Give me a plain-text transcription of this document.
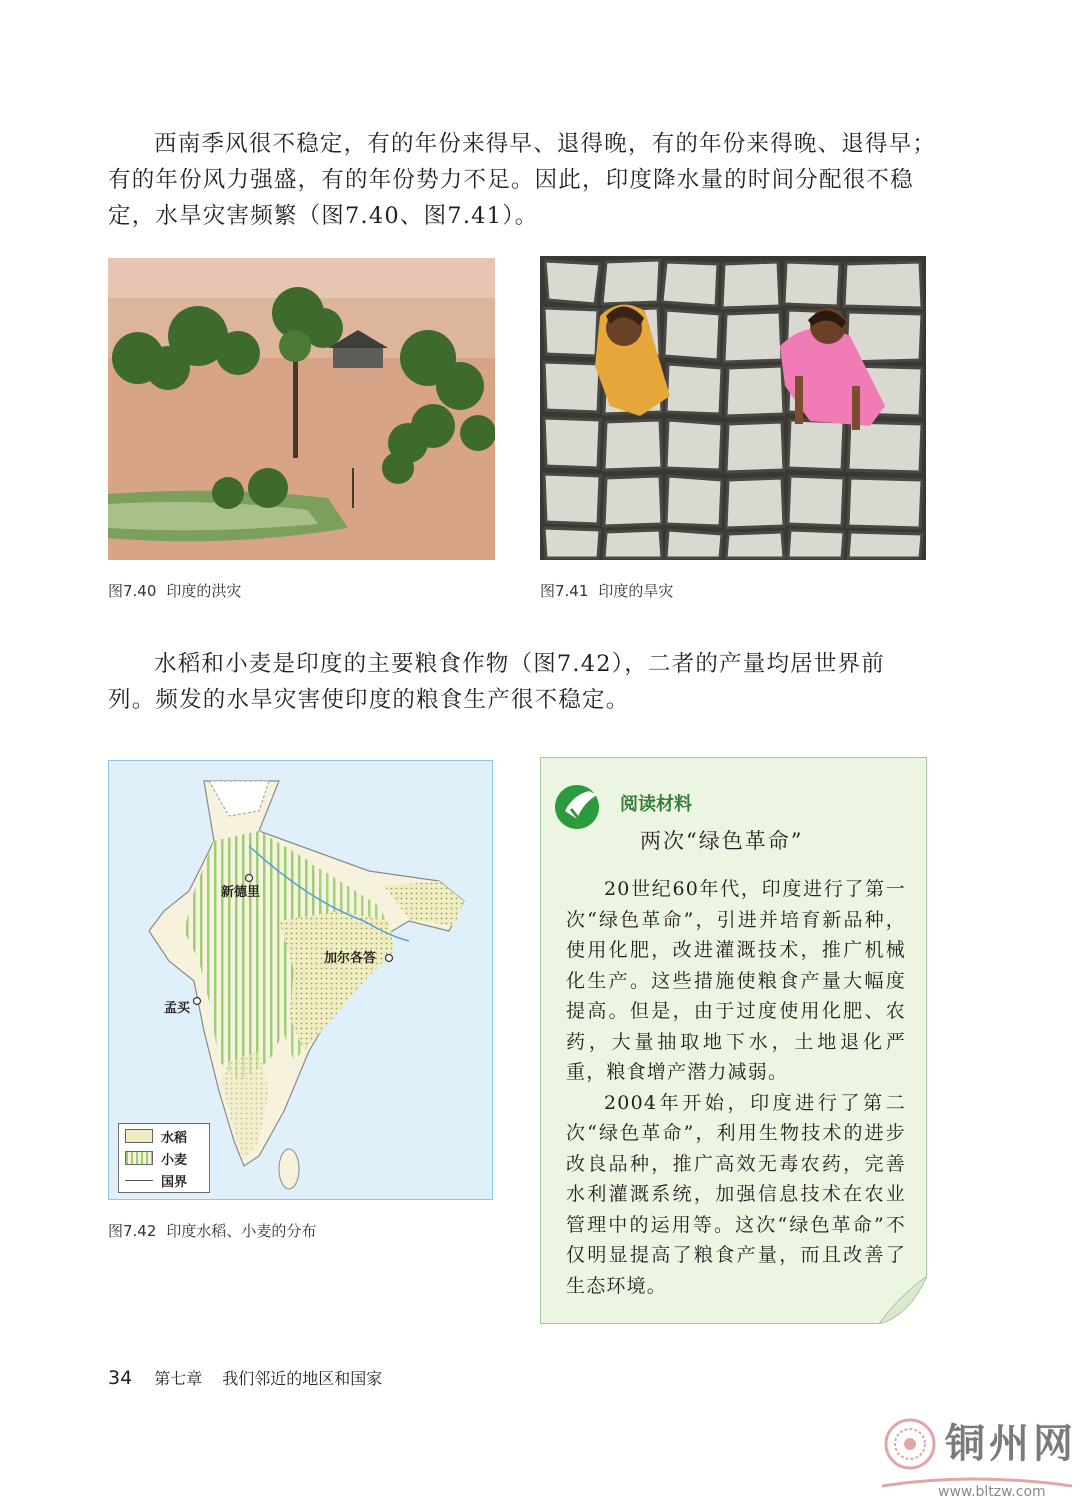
西南季风很不稳定，有的年份来得早、退得晚，有的年份来得晚、退得早；
有的年份风力强盛，有的年份势力不足。因此，印度降水量的时间分配很不稳
定，水旱灾害频繁（图7.40、图7.41）。

图7.40 印度的洪灾	图7.41 印度的旱灾

水稻和小麦是印度的主要粮食作物（图7.42），二者的产量均居世界前
列。频发的水旱灾害使印度的粮食生产很不稳定。

新德里
加尔各答
孟买
水稻
小麦
国界
图7.42 印度水稻、小麦的分布
阅读材料
两次“绿色革命”

20世纪60年代，印度进行了第一次“绿色革命”，引进并培育新品种，使用化肥，改进灌溉技术，推广机械化生产。这些措施使粮食产量大幅度提高。但是，由于过度使用化肥、农药，大量抽取地下水，土地退化严重，粮食增产潜力减弱。

2004年开始，印度进行了第二次“绿色革命”，利用生物技术的进步改良品种，推广高效无毒农药，完善水利灌溉系统，加强信息技术在农业管理中的运用等。这次“绿色革命”不仅明显提高了粮食产量，而且改善了生态环境。

34 第七章 我们邻近的地区和国家
铜州网
www.bltzw.com
